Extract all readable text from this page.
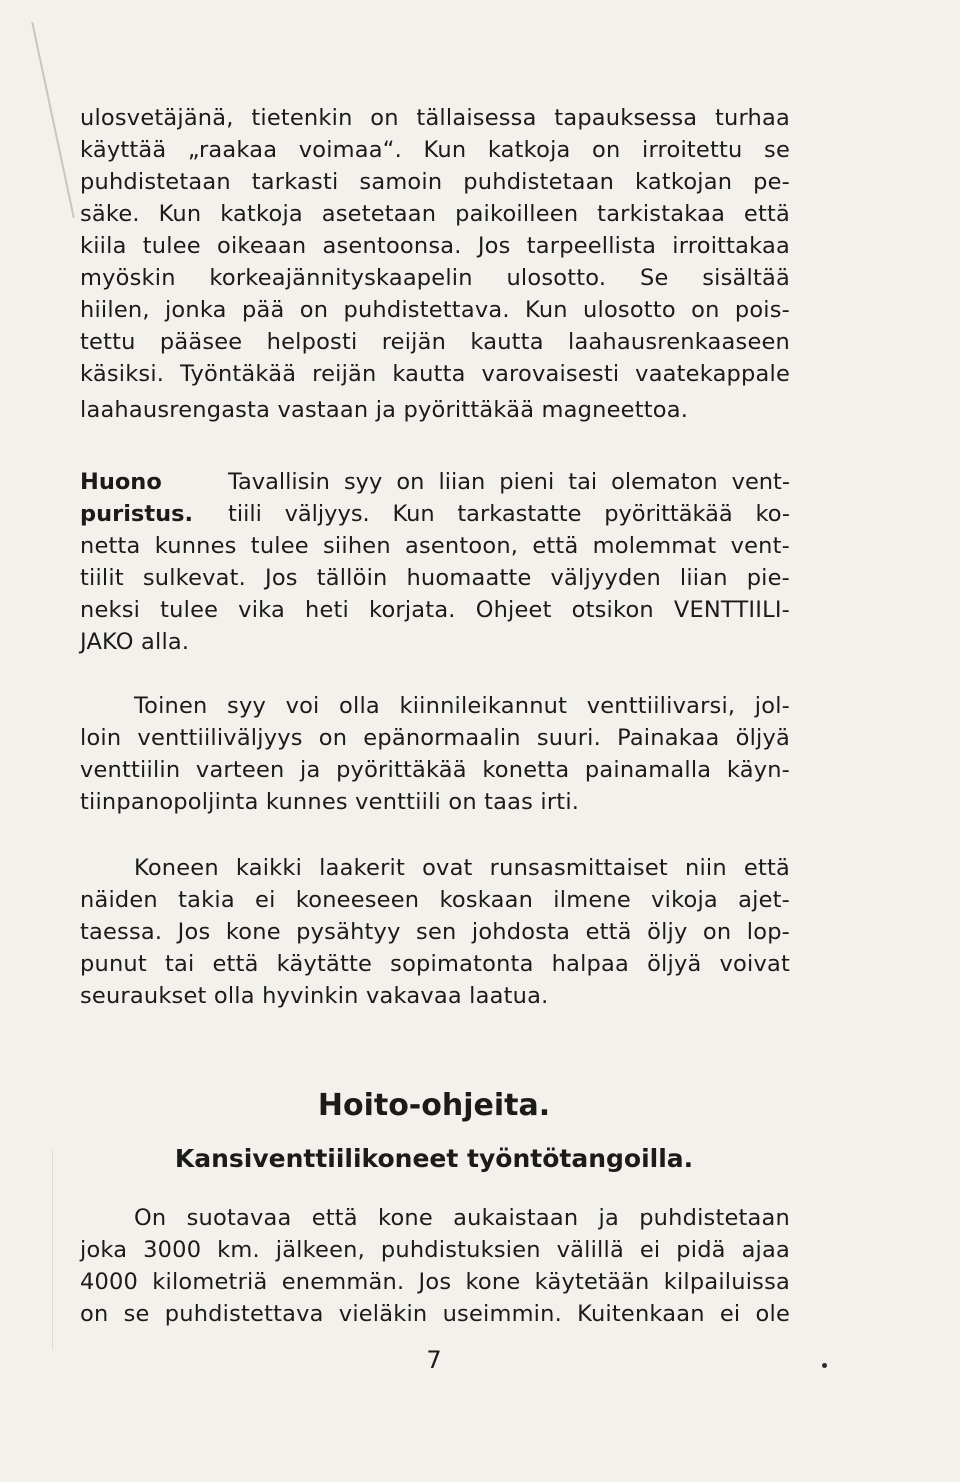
ulosvetäjänä, tietenkin on tällaisessa tapauksessa turhaa
käyttää „raakaa voimaa“. Kun katkoja on irroitettu se
puhdistetaan tarkasti samoin puhdistetaan katkojan pe-
säke. Kun katkoja asetetaan paikoilleen tarkistakaa että
kiila tulee oikeaan asentoonsa. Jos tarpeellista irroittakaa
myöskin korkeajännityskaapelin ulosotto. Se sisältää
hiilen, jonka pää on puhdistettava. Kun ulosotto on pois-
tettu pääsee helposti reijän kautta laahausrenkaaseen
käsiksi. Työntäkää reijän kautta varovaisesti vaatekappale
laahausrengasta vastaan ja pyörittäkää magneettoa.
Huono
puristus.
Tavallisin syy on liian pieni tai olematon vent-
tiili väljyys. Kun tarkastatte pyörittäkää ko-
netta kunnes tulee siihen asentoon, että molemmat vent-
tiilit sulkevat. Jos tällöin huomaatte väljyyden liian pie-
neksi tulee vika heti korjata. Ohjeet otsikon VENTTIILI-
JAKO alla.
Toinen syy voi olla kiinnileikannut venttiilivarsi, jol-
loin venttiiliväljyys on epänormaalin suuri. Painakaa öljyä
venttiilin varteen ja pyörittäkää konetta painamalla käyn-
tiinpanopoljinta kunnes venttiili on taas irti.
Koneen kaikki laakerit ovat runsasmittaiset niin että
näiden takia ei koneeseen koskaan ilmene vikoja ajet-
taessa. Jos kone pysähtyy sen johdosta että öljy on lop-
punut tai että käytätte sopimatonta halpaa öljyä voivat
seuraukset olla hyvinkin vakavaa laatua.
Hoito-ohjeita.
Kansiventtiilikoneet työntötangoilla.
On suotavaa että kone aukaistaan ja puhdistetaan
joka 3000 km. jälkeen, puhdistuksien välillä ei pidä ajaa
4000 kilometriä enemmän. Jos kone käytetään kilpailuissa
on se puhdistettava vieläkin useimmin. Kuitenkaan ei ole
7
